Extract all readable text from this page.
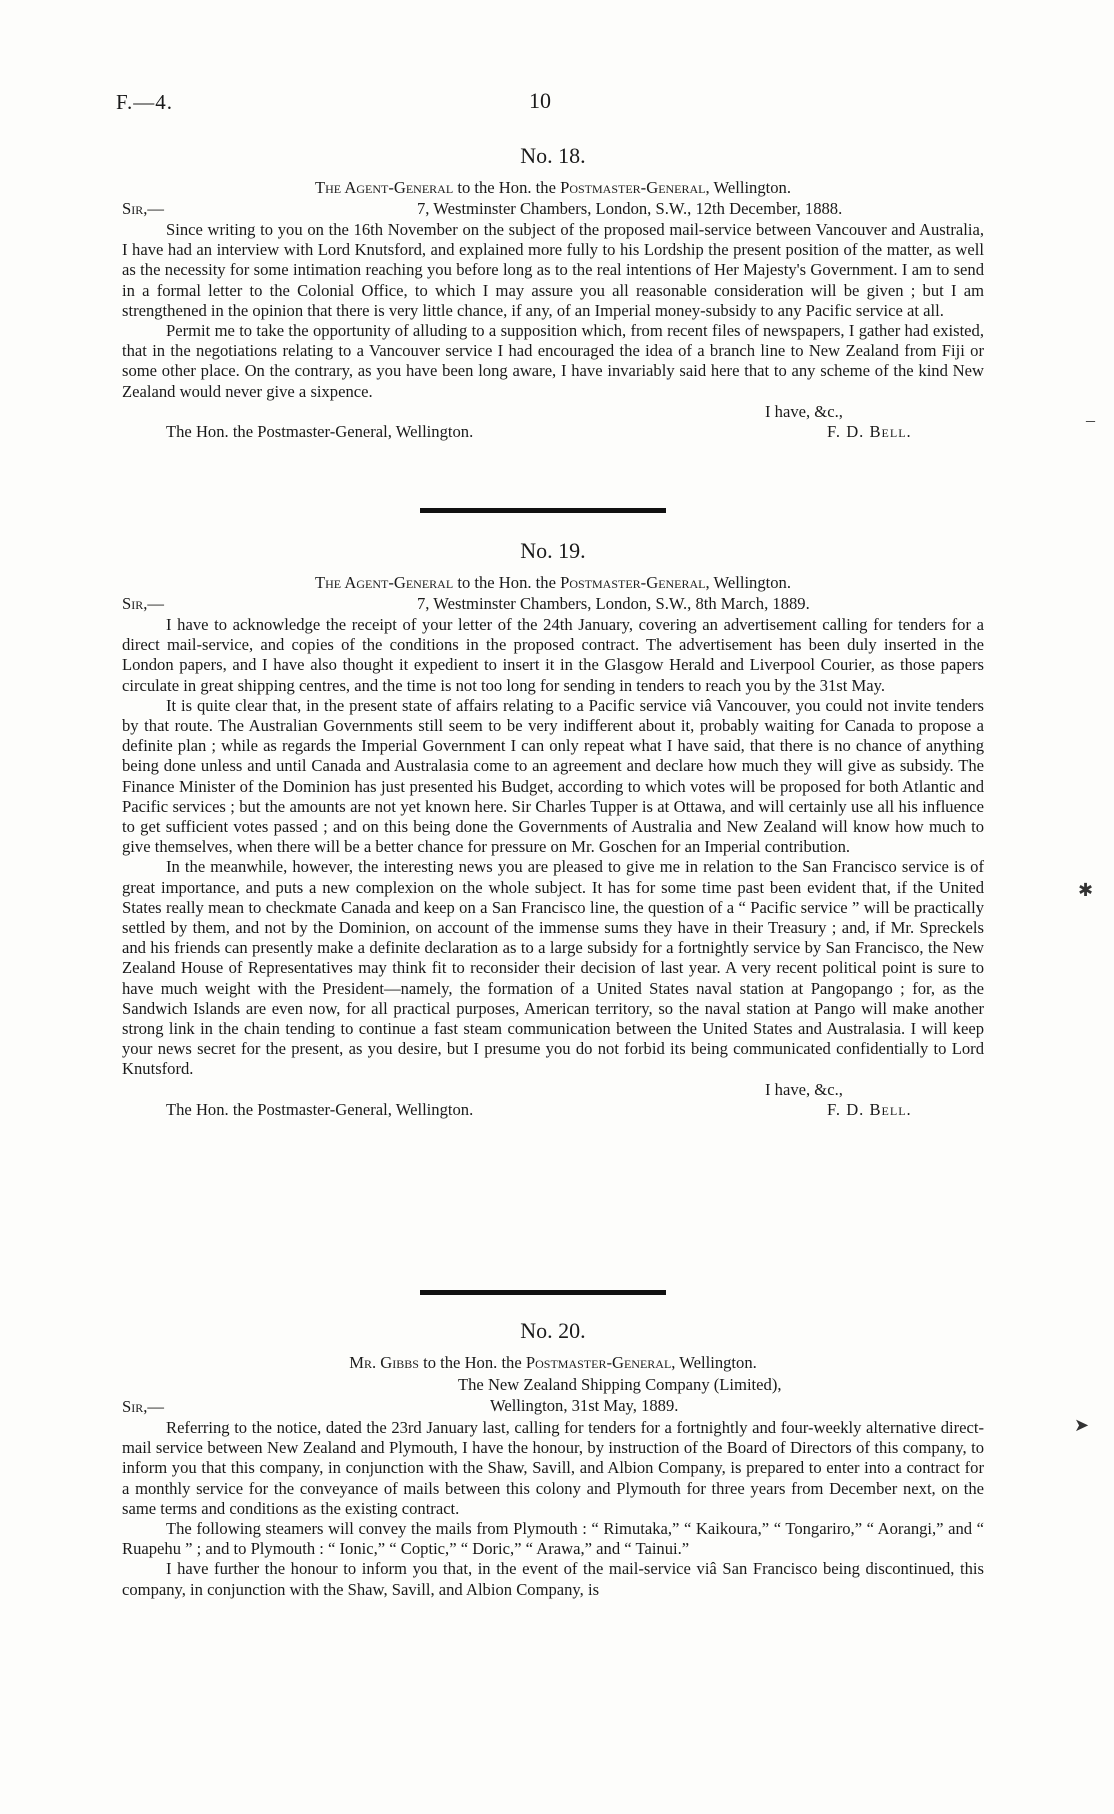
F.—4.	10
No. 18.
The Agent-General to the Hon. the Postmaster-General, Wellington.
Sir,—	7, Westminster Chambers, London, S.W., 12th December, 1888.

Since writing to you on the 16th November on the subject of the proposed mail-service between Vancouver and Australia, I have had an interview with Lord Knutsford, and explained more fully to his Lordship the present position of the matter, as well as the necessity for some intimation reaching you before long as to the real intentions of Her Majesty's Government. I am to send in a formal letter to the Colonial Office, to which I may assure you all reasonable consideration will be given ; but I am strengthened in the opinion that there is very little chance, if any, of an Imperial money-subsidy to any Pacific service at all.

Permit me to take the opportunity of alluding to a supposition which, from recent files of newspapers, I gather had existed, that in the negotiations relating to a Vancouver service I had encouraged the idea of a branch line to New Zealand from Fiji or some other place. On the contrary, as you have been long aware, I have invariably said here that to any scheme of the kind New Zealand would never give a sixpence.

I have, &c.,
The Hon. the Postmaster-General, Wellington.	F. D. Bell.
No. 19.
The Agent-General to the Hon. the Postmaster-General, Wellington.
Sir,—	7, Westminster Chambers, London, S.W., 8th March, 1889.

I have to acknowledge the receipt of your letter of the 24th January, covering an advertisement calling for tenders for a direct mail-service, and copies of the conditions in the proposed contract. The advertisement has been duly inserted in the London papers, and I have also thought it expedient to insert it in the Glasgow Herald and Liverpool Courier, as those papers circulate in great shipping centres, and the time is not too long for sending in tenders to reach you by the 31st May.

It is quite clear that, in the present state of affairs relating to a Pacific service viâ Vancouver, you could not invite tenders by that route. The Australian Governments still seem to be very indifferent about it, probably waiting for Canada to propose a definite plan ; while as regards the Imperial Government I can only repeat what I have said, that there is no chance of anything being done unless and until Canada and Australasia come to an agreement and declare how much they will give as subsidy. The Finance Minister of the Dominion has just presented his Budget, according to which votes will be proposed for both Atlantic and Pacific services ; but the amounts are not yet known here. Sir Charles Tupper is at Ottawa, and will certainly use all his influence to get sufficient votes passed ; and on this being done the Governments of Australia and New Zealand will know how much to give themselves, when there will be a better chance for pressure on Mr. Goschen for an Imperial contribution.

In the meanwhile, however, the interesting news you are pleased to give me in relation to the San Francisco service is of great importance, and puts a new complexion on the whole subject. It has for some time past been evident that, if the United States really mean to checkmate Canada and keep on a San Francisco line, the question of a “ Pacific service ” will be practically settled by them, and not by the Dominion, on account of the immense sums they have in their Treasury ; and, if Mr. Spreckels and his friends can presently make a definite declaration as to a large subsidy for a fortnightly service by San Francisco, the New Zealand House of Representatives may think fit to reconsider their decision of last year. A very recent political point is sure to have much weight with the President—namely, the formation of a United States naval station at Pangopango ; for, as the Sandwich Islands are even now, for all practical purposes, American territory, so the naval station at Pango will make another strong link in the chain tending to continue a fast steam communication between the United States and Australasia. I will keep your news secret for the present, as you desire, but I presume you do not forbid its being communicated confidentially to Lord Knutsford.

I have, &c.,
The Hon. the Postmaster-General, Wellington.	F. D. Bell.
No. 20.
Mr. Gibbs to the Hon. the Postmaster-General, Wellington.
Sir,—
The New Zealand Shipping Company (Limited),
Wellington, 31st May, 1889.

Referring to the notice, dated the 23rd January last, calling for tenders for a fortnightly and four-weekly alternative direct-mail service between New Zealand and Plymouth, I have the honour, by instruction of the Board of Directors of this company, to inform you that this company, in conjunction with the Shaw, Savill, and Albion Company, is prepared to enter into a contract for a monthly service for the conveyance of mails between this colony and Plymouth for three years from December next, on the same terms and conditions as the existing contract.

The following steamers will convey the mails from Plymouth : “ Rimutaka,” “ Kaikoura,” “ Tongariro,” “ Aorangi,” and “ Ruapehu ” ; and to Plymouth : “ Ionic,” “ Coptic,” “ Doric,” “ Arawa,” and “ Tainui.”

I have further the honour to inform you that, in the event of the mail-service viâ San Francisco being discontinued, this company, in conjunction with the Shaw, Savill, and Albion Company, is

–
✱
➤
